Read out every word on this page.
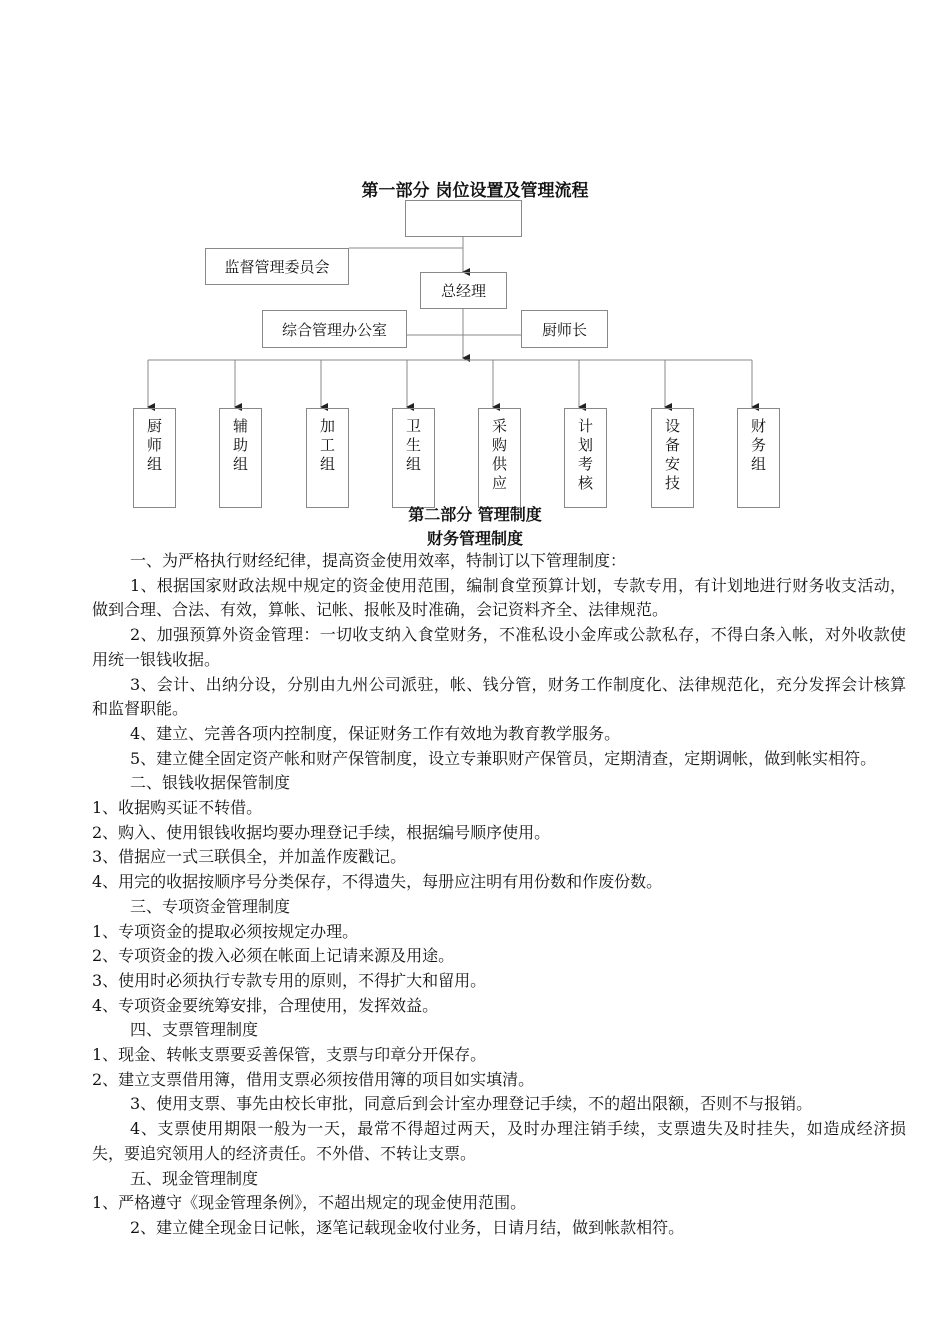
第一部分 岗位设置及管理流程
监督管理委员会
总经理
综合管理办公室	厨师长
厨
师
组
辅
助
组
加
工
组
卫
生
组
采
购
供
应
计
划
考
核
设
备
安
技
财
务
组
第二部分 管理制度
财务管理制度

一、为严格执行财经纪律，提高资金使用效率，特制订以下管理制度：

1、根据国家财政法规中规定的资金使用范围，编制食堂预算计划，专款专用，有计划地进行财务收支活动，做到合理、合法、有效，算帐、记帐、报帐及时准确，会记资料齐全、法律规范。

2、加强预算外资金管理：一切收支纳入食堂财务，不准私设小金库或公款私存，不得白条入帐，对外收款使用统一银钱收据。

3、会计、出纳分设，分别由九州公司派驻，帐、钱分管，财务工作制度化、法律规范化，充分发挥会计核算和监督职能。

4、建立、完善各项内控制度，保证财务工作有效地为教育教学服务。

5、建立健全固定资产帐和财产保管制度，设立专兼职财产保管员，定期清查，定期调帐，做到帐实相符。

二、银钱收据保管制度

1、收据购买证不转借。

2、购入、使用银钱收据均要办理登记手续，根据编号顺序使用。

3、借据应一式三联俱全，并加盖作废戳记。

4、用完的收据按顺序号分类保存，不得遗失，每册应注明有用份数和作废份数。

三、专项资金管理制度

1、专项资金的提取必须按规定办理。

2、专项资金的拨入必须在帐面上记请来源及用途。

3、使用时必须执行专款专用的原则，不得扩大和留用。

4、专项资金要统筹安排，合理使用，发挥效益。

四、支票管理制度

1、现金、转帐支票要妥善保管，支票与印章分开保存。

2、建立支票借用簿，借用支票必须按借用簿的项目如实填清。

3、使用支票、事先由校长审批，同意后到会计室办理登记手续，不的超出限额，否则不与报销。

4、支票使用期限一般为一天，最常不得超过两天，及时办理注销手续，支票遗失及时挂失，如造成经济损失，要追究领用人的经济责任。不外借、不转让支票。

五、现金管理制度

1、严格遵守《现金管理条例》，不超出规定的现金使用范围。

2、建立健全现金日记帐，逐笔记载现金收付业务，日请月结，做到帐款相符。
